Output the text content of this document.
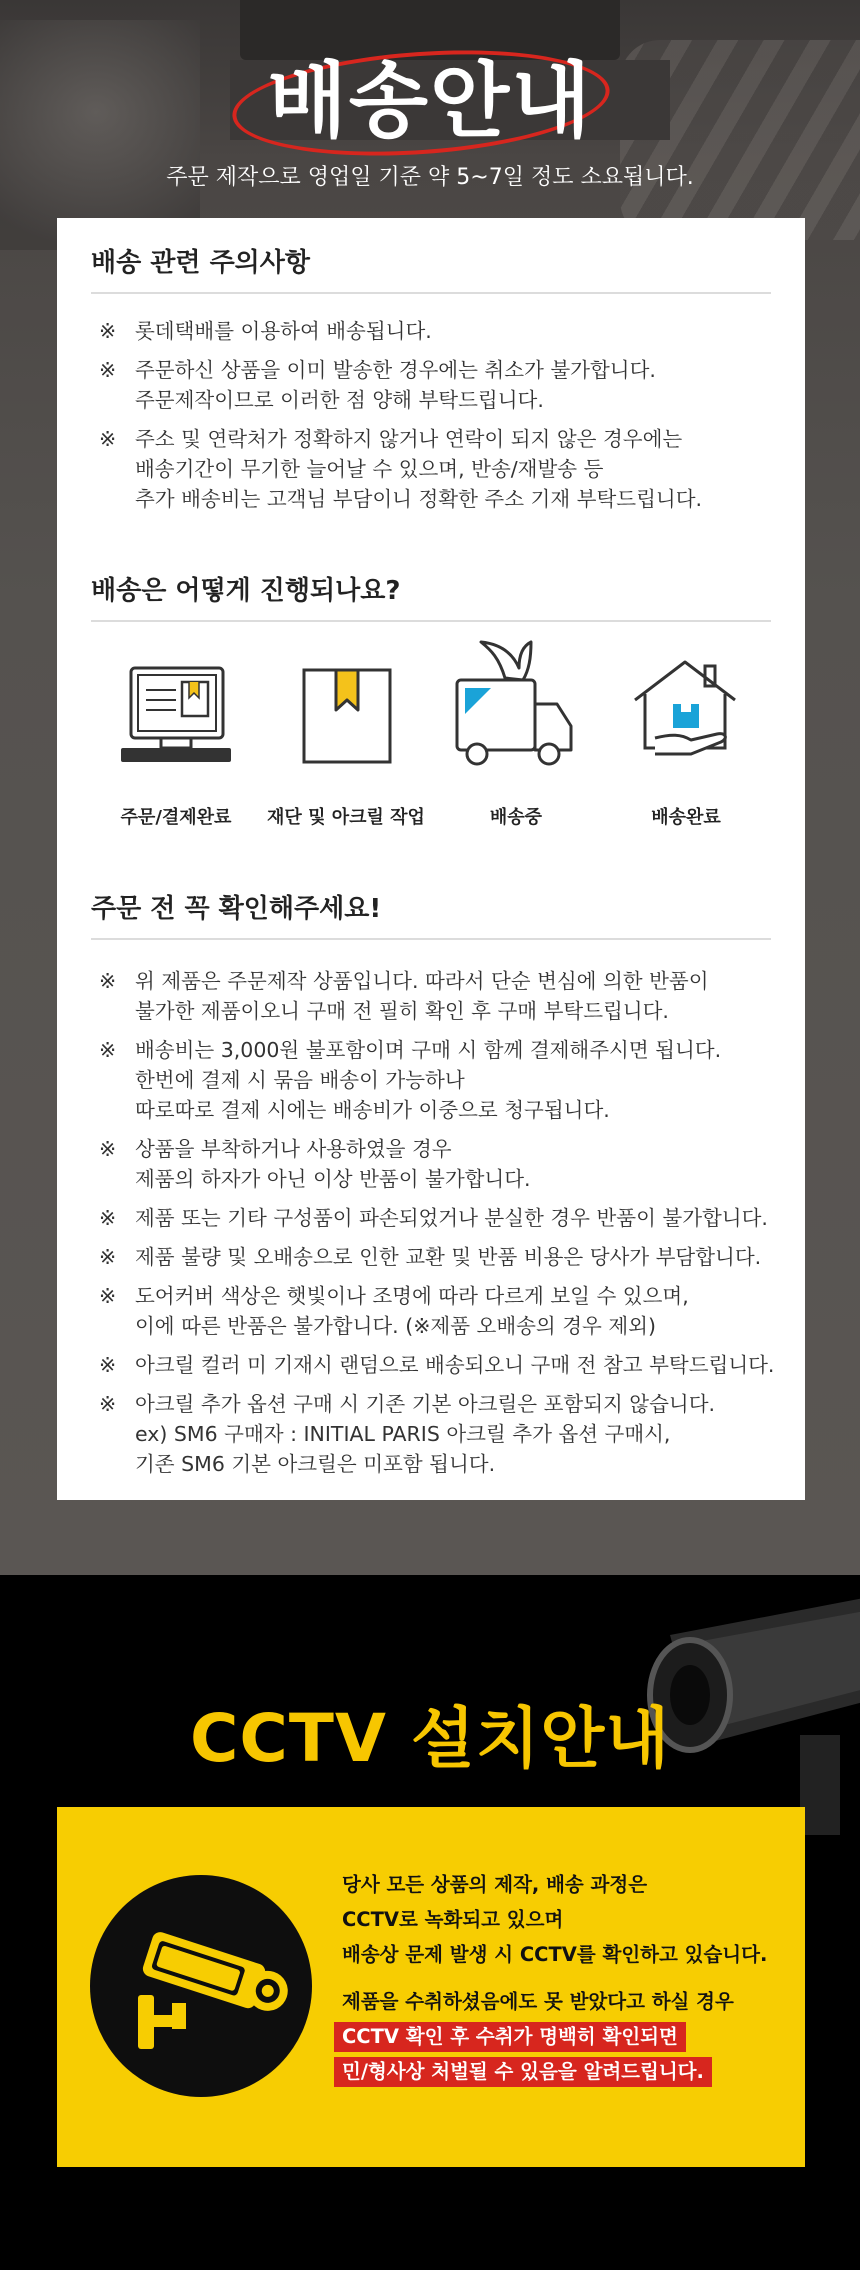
배송안내
주문 제작으로 영업일 기준 약 5~7일 정도 소요됩니다.
배송 관련 주의사항
※ 롯데택배를 이용하여 배송됩니다.
※ 주문하신 상품을 이미 발송한 경우에는 취소가 불가합니다.
주문제작이므로 이러한 점 양해 부탁드립니다.
※ 주소 및 연락처가 정확하지 않거나 연락이 되지 않은 경우에는
배송기간이 무기한 늘어날 수 있으며, 반송/재발송 등
추가 배송비는 고객님 부담이니 정확한 주소 기재 부탁드립니다.
배송은 어떻게 진행되나요?
주문/결제완료	재단 및 아크릴 작업	배송중	배송완료
주문 전 꼭 확인해주세요!
※ 위 제품은 주문제작 상품입니다. 따라서 단순 변심에 의한 반품이
불가한 제품이오니 구매 전 필히 확인 후 구매 부탁드립니다.
※ 배송비는 3,000원 불포함이며 구매 시 함께 결제해주시면 됩니다.
한번에 결제 시 묶음 배송이 가능하나
따로따로 결제 시에는 배송비가 이중으로 청구됩니다.
※ 상품을 부착하거나 사용하였을 경우
제품의 하자가 아닌 이상 반품이 불가합니다.
※ 제품 또는 기타 구성품이 파손되었거나 분실한 경우 반품이 불가합니다.
※ 제품 불량 및 오배송으로 인한 교환 및 반품 비용은 당사가 부담합니다.
※ 도어커버 색상은 햇빛이나 조명에 따라 다르게 보일 수 있으며,
이에 따른 반품은 불가합니다. (※제품 오배송의 경우 제외)
※ 아크릴 컬러 미 기재시 랜덤으로 배송되오니 구매 전 참고 부탁드립니다.
※ 아크릴 추가 옵션 구매 시 기존 기본 아크릴은 포함되지 않습니다.
ex) SM6 구매자 : INITIAL PARIS 아크릴 추가 옵션 구매시,
기존 SM6 기본 아크릴은 미포함 됩니다.
CCTV 설치안내

당사 모든 상품의 제작, 배송 과정은

CCTV로 녹화되고 있으며

배송상 문제 발생 시 CCTV를 확인하고 있습니다.

제품을 수취하셨음에도 못 받았다고 하실 경우

CCTV 확인 후 수취가 명백히 확인되면

민/형사상 처벌될 수 있음을 알려드립니다.
